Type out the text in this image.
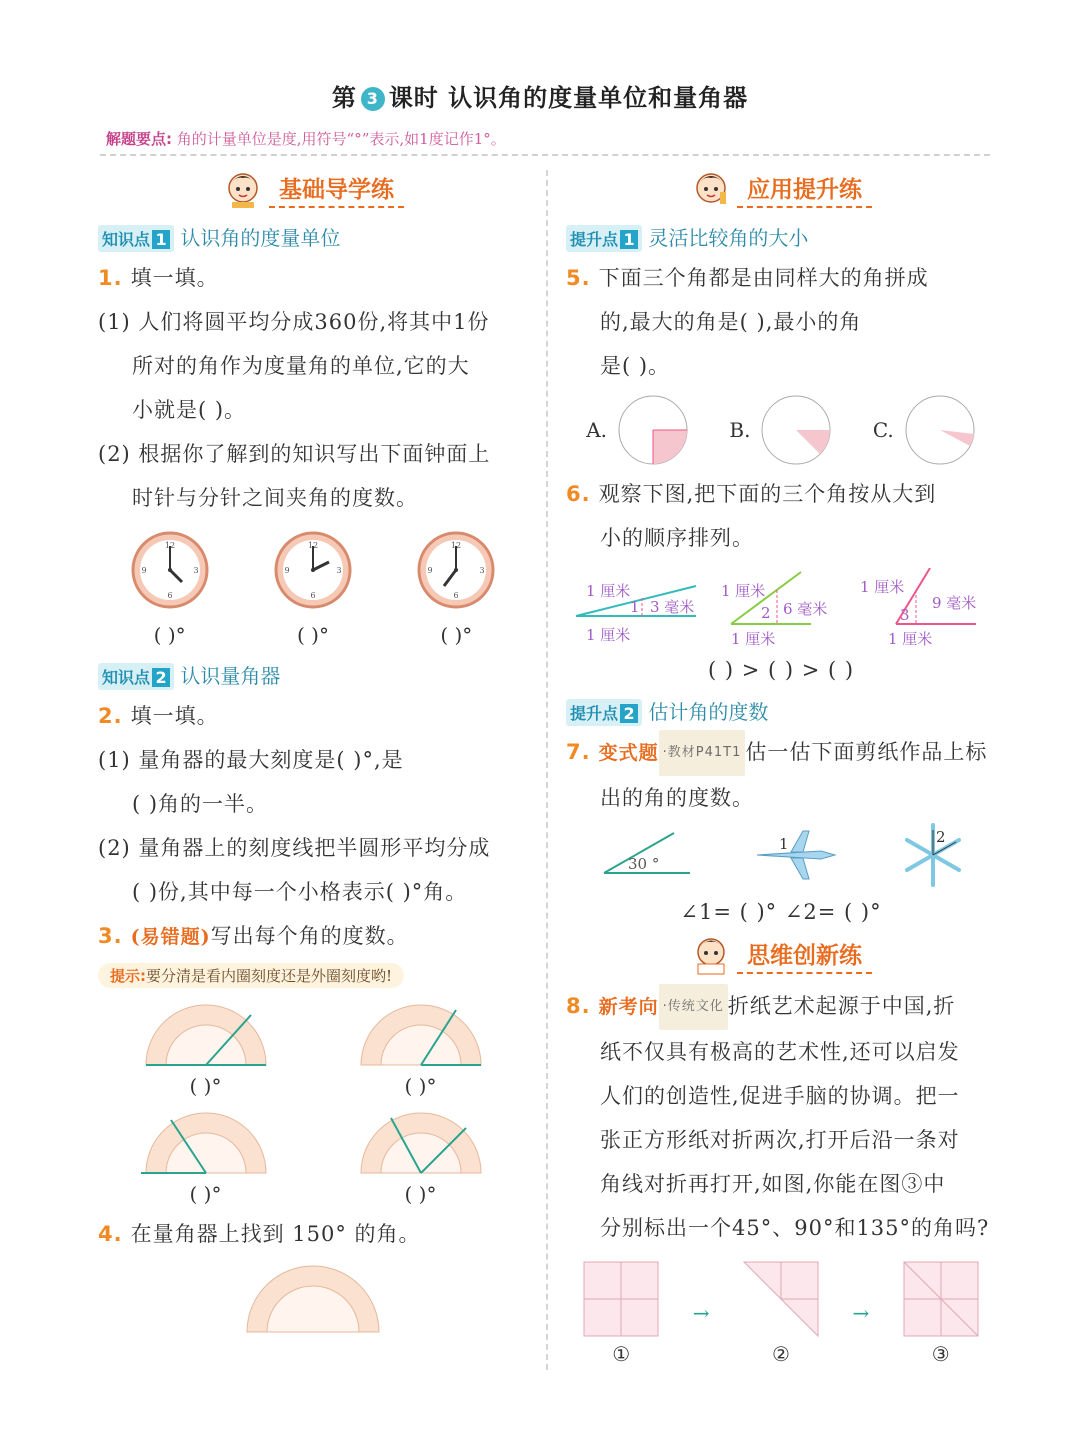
第 3 课时 认识角的度量单位和量角器
解题要点: 角的计量单位是度,用符号“°”表示,如1度记作1°。
基础导学练
知识点 1 认识角的度量单位
1. 填一填。
(1) 人们将圆平均分成360份,将其中1份
所对的角作为度量角的单位,它的大
小就是( )。
(2) 根据你了解到的知识写出下面钟面上
时针与分针之间夹角的度数。
12
6
3
9
12
6
3
9
12
6
3
9
( )°	( )°	( )°
知识点 2 认识量角器
2. 填一填。
(1) 量角器的最大刻度是( )°,是
( )角的一半。
(2) 量角器上的刻度线把半圆形平均分成
( )份,其中每一个小格表示( )°角。
3. (易错题)写出每个角的度数。
提示:要分清是看内圈刻度还是外圈刻度哟!
( )°	( )°
( )°	( )°
4. 在量角器上找到 150° 的角。
应用提升练
提升点 1 灵活比较角的大小
5. 下面三个角都是由同样大的角拼成
的,最大的角是( ),最小的角
是( )。
A.	B.	C.
6. 观察下图,把下面的三个角按从大到
小的顺序排列。
1 厘米
1 厘米
3 毫米
1
1 厘米
1 厘米
6 毫米
2
1 厘米
1 厘米
9 毫米
3
( ) > ( ) > ( )
提升点 2 估计角的度数
7. 变式题 ·教材P41T1 估一估下面剪纸作品上标
出的角的度数。
30 °
1	2
∠1= ( )° ∠2= ( )°
思维创新练
8. 新考向 ·传统文化 折纸艺术起源于中国,折
纸不仅具有极高的艺术性,还可以启发
人们的创造性,促进手脑的协调。把一
张正方形纸对折两次,打开后沿一条对
角线对折再打开,如图,你能在图③中
分别标出一个45°、90°和135°的角吗?
①
→
②
→
③
